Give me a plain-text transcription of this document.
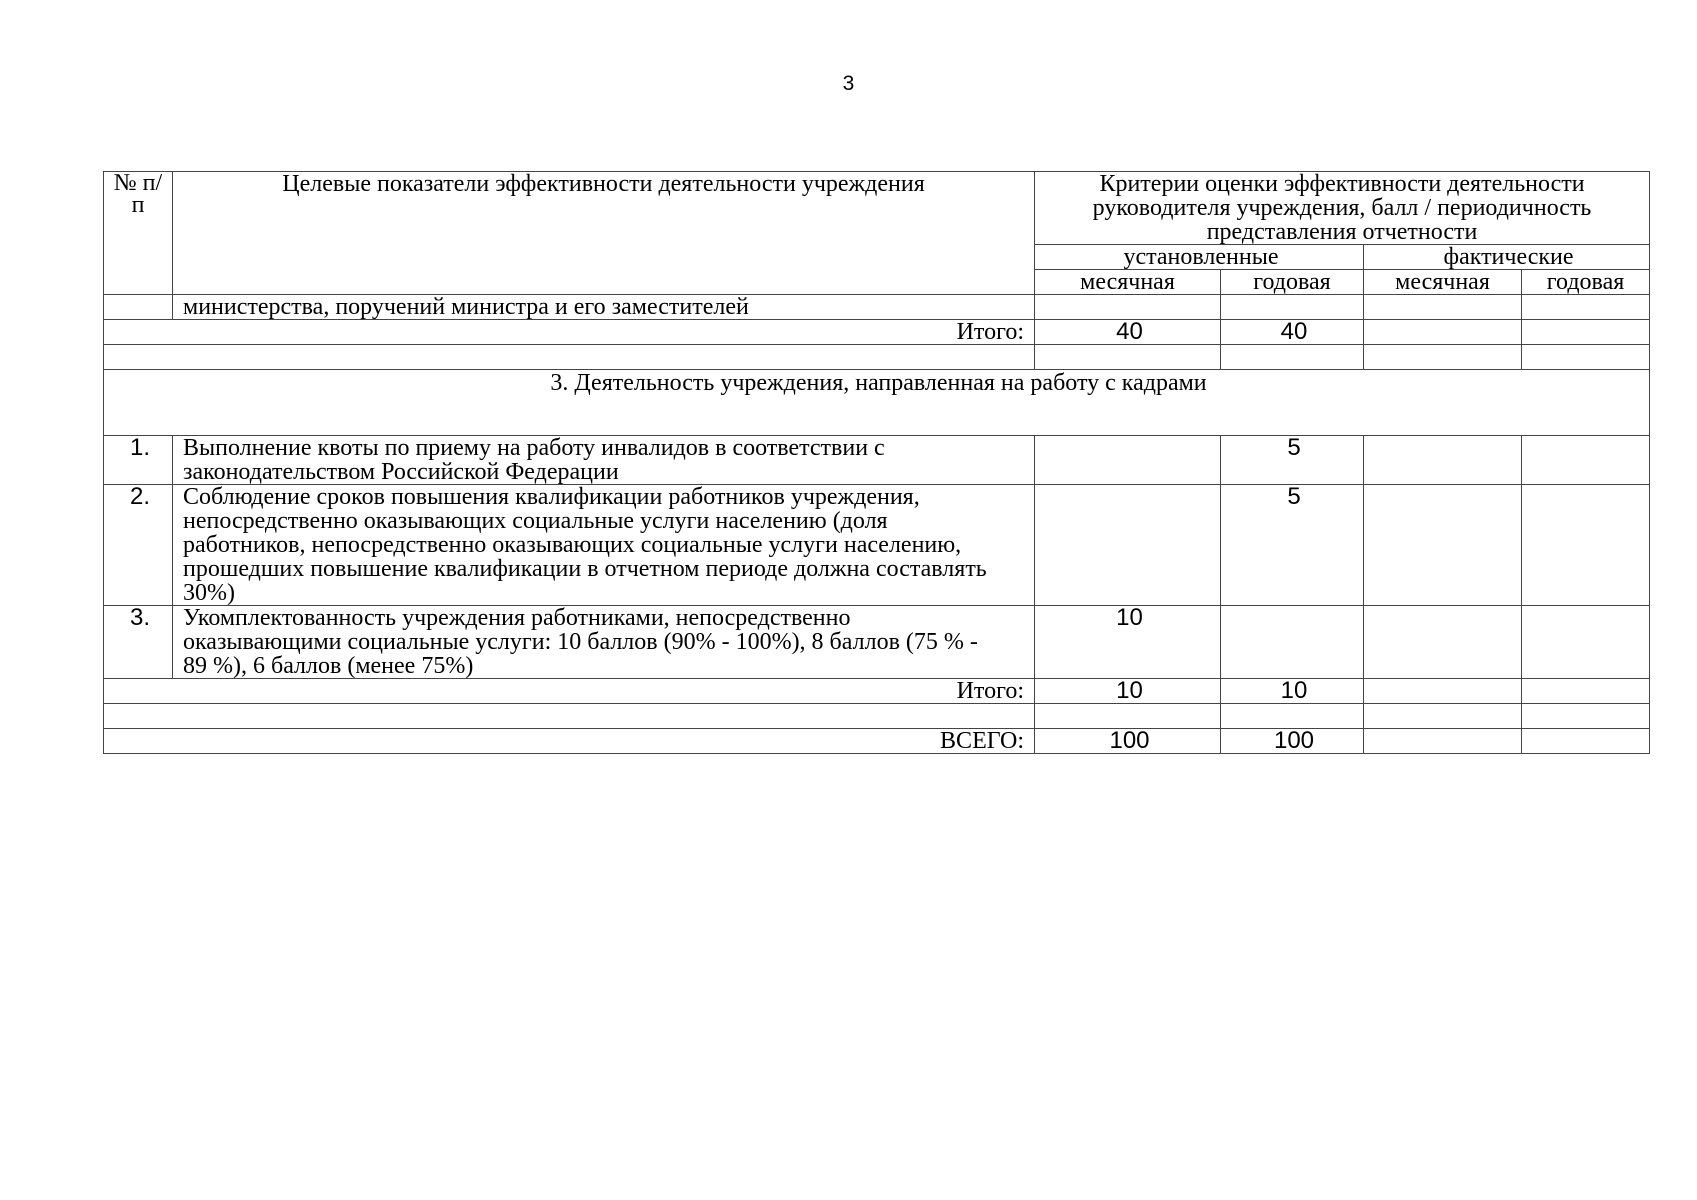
3
№ п/п	Целевые показатели эффективности деятельности учреждения	Критерии оценки эффективности деятельности руководителя учреждения, балл / периодичность представления отчетности			
		установленные		фактические	
		месячная	годовая	месячная	годовая
	министерства, поручений министра и его заместителей				
Итого:		40	40		

3. Деятельность учреждения, направленная на работу с кадрами					
1.	Выполнение квоты по приему на работу инвалидов в соответствии с законодательством Российской Федерации		5		
2.	Соблюдение сроков повышения квалификации работников учреждения, непосредственно оказывающих социальные услуги населению (доля работников, непосредственно оказывающих социальные услуги населению, прошедших повышение квалификации в отчетном периоде должна составлять 30%)		5		
3.	Укомплектованность учреждения работниками, непосредственно оказывающими социальные услуги: 10 баллов (90% - 100%), 8 баллов (75 % - 89 %), 6 баллов (менее 75%)	10			
Итого:		10	10		

ВСЕГО:		100	100		
